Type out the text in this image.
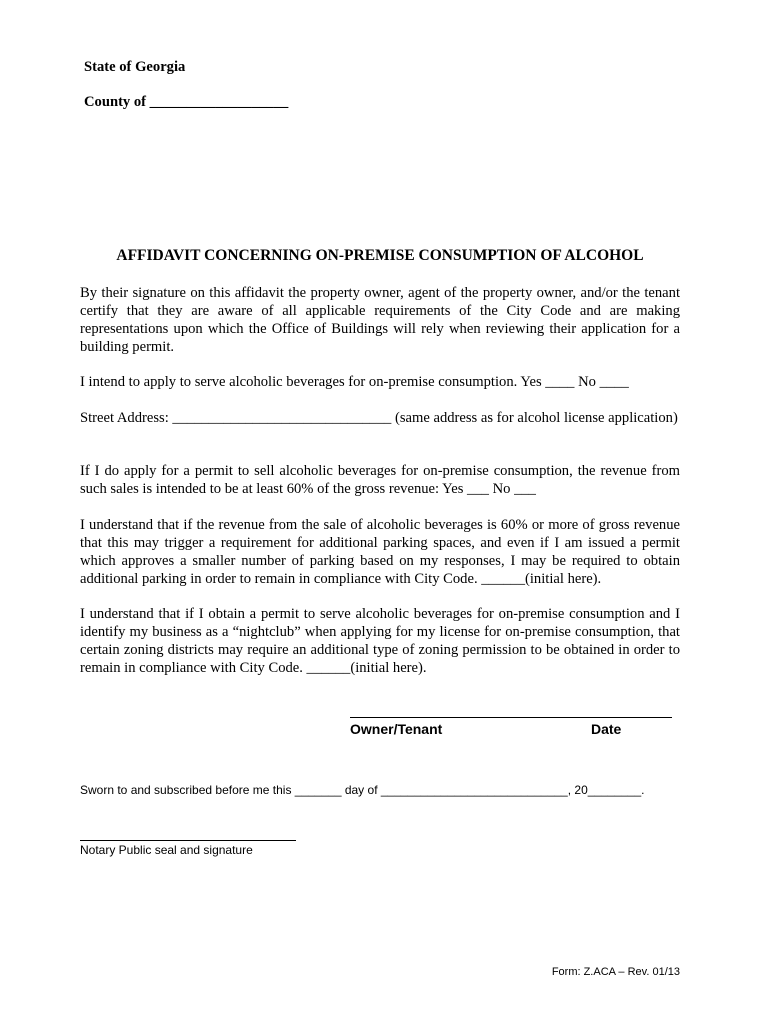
State of Georgia
County of ___________________
AFFIDAVIT CONCERNING ON-PREMISE CONSUMPTION OF ALCOHOL
By their signature on this affidavit the property owner, agent of the property owner, and/or the tenant certify that they are aware of all applicable requirements of the City Code and are making representations upon which the Office of Buildings will rely when reviewing their application for a building permit.
I intend to apply to serve alcoholic beverages for on-premise consumption. Yes ____ No ____
Street Address: ______________________________ (same address as for alcohol license application)
If I do apply for a permit to sell alcoholic beverages for on-premise consumption, the revenue from such sales is intended to be at least 60% of the gross revenue: Yes ___ No ___
I understand that if the revenue from the sale of alcoholic beverages is 60% or more of gross revenue that this may trigger a requirement for additional parking spaces, and even if I am issued a permit which approves a smaller number of parking based on my responses, I may be required to obtain additional parking in order to remain in compliance with City Code. ______(initial here).
I understand that if I obtain a permit to serve alcoholic beverages for on-premise consumption and I identify my business as a “nightclub” when applying for my license for on-premise consumption, that certain zoning districts may require an additional type of zoning permission to be obtained in order to remain in compliance with City Code. ______(initial here).
Owner/Tenant	Date
Sworn to and subscribed before me this _______ day of ____________________________, 20________.
Notary Public seal and signature
Form: Z.ACA – Rev. 01/13
